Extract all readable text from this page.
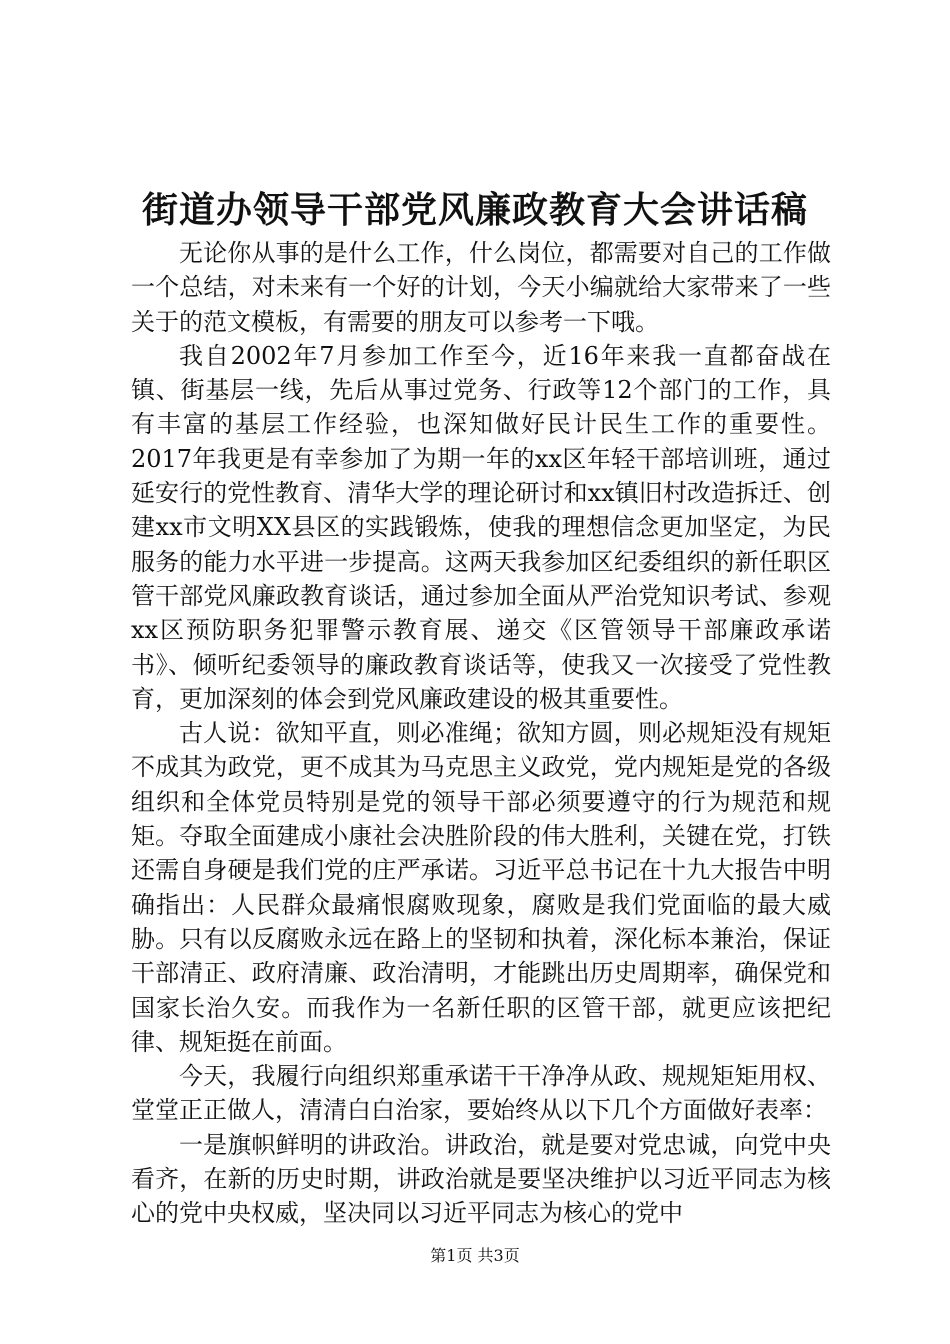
街道办领导干部党风廉政教育大会讲话稿

无论你从事的是什么工作，什么岗位，都需要对自己的工作做一个总结，对未来有一个好的计划，今天小编就给大家带来了一些关于的范文模板，有需要的朋友可以参考一下哦。

我自2002年7月参加工作至今，近16年来我一直都奋战在镇、街基层一线，先后从事过党务、行政等12个部门的工作，具有丰富的基层工作经验，也深知做好民计民生工作的重要性。2017年我更是有幸参加了为期一年的xx区年轻干部培训班，通过延安行的党性教育、清华大学的理论研讨和xx镇旧村改造拆迁、创建xx市文明XX县区的实践锻炼，使我的理想信念更加坚定，为民服务的能力水平进一步提高。这两天我参加区纪委组织的新任职区管干部党风廉政教育谈话，通过参加全面从严治党知识考试、参观xx区预防职务犯罪警示教育展、递交《区管领导干部廉政承诺书》、倾听纪委领导的廉政教育谈话等，使我又一次接受了党性教育，更加深刻的体会到党风廉政建设的极其重要性。

古人说：欲知平直，则必准绳；欲知方圆，则必规矩没有规矩不成其为政党，更不成其为马克思主义政党，党内规矩是党的各级组织和全体党员特别是党的领导干部必须要遵守的行为规范和规矩。夺取全面建成小康社会决胜阶段的伟大胜利，关键在党，打铁还需自身硬是我们党的庄严承诺。习近平总书记在十九大报告中明确指出：人民群众最痛恨腐败现象，腐败是我们党面临的最大威胁。只有以反腐败永远在路上的坚韧和执着，深化标本兼治，保证干部清正、政府清廉、政治清明，才能跳出历史周期率，确保党和国家长治久安。而我作为一名新任职的区管干部，就更应该把纪律、规矩挺在前面。

今天，我履行向组织郑重承诺干干净净从政、规规矩矩用权、堂堂正正做人，清清白白治家，要始终从以下几个方面做好表率：

一是旗帜鲜明的讲政治。讲政治，就是要对党忠诚，向党中央看齐，在新的历史时期，讲政治就是要坚决维护以习近平同志为核心的党中央权威，坚决同以习近平同志为核心的党中

第1页 共3页
